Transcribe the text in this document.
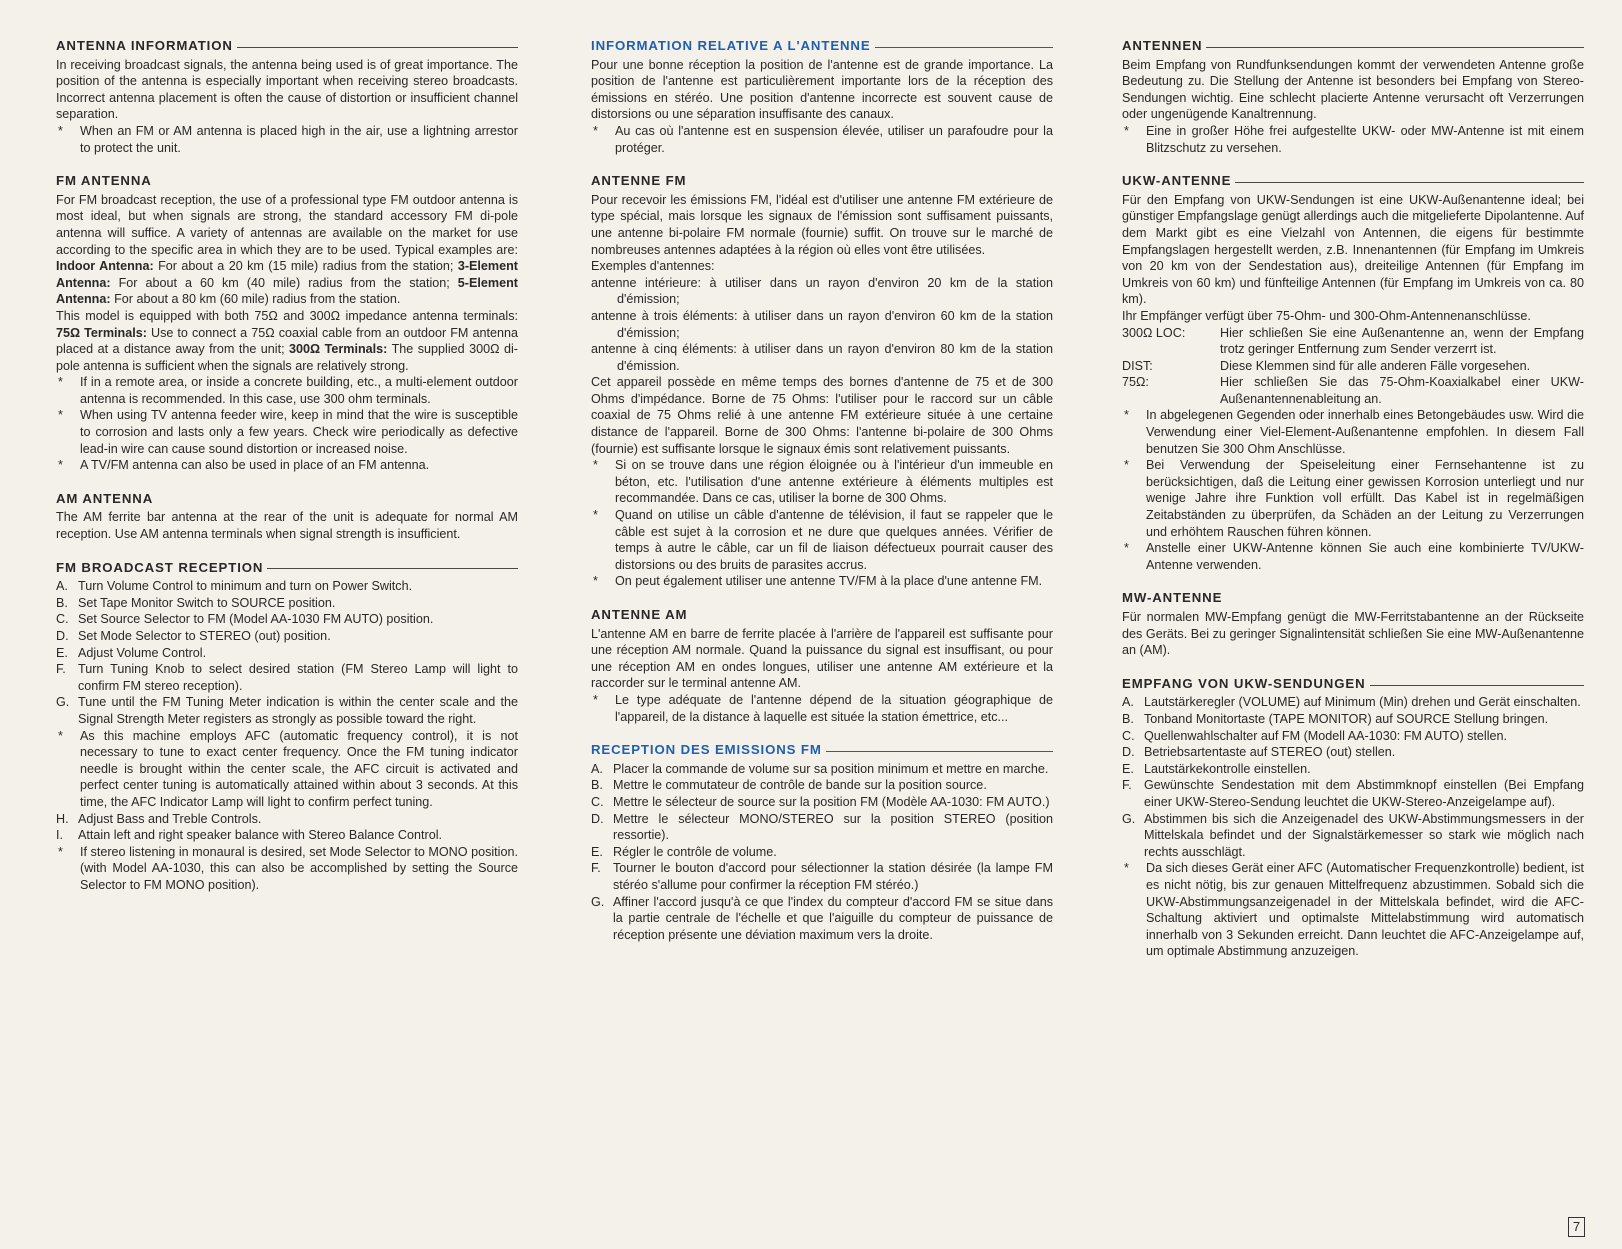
ANTENNA INFORMATION

In receiving broadcast signals, the antenna being used is of great importance. The position of the antenna is especially important when receiving stereo broadcasts. Incorrect antenna placement is often the cause of distortion or insufficient channel separation.

* When an FM or AM antenna is placed high in the air, use a lightning arrestor to protect the unit.
FM ANTENNA

For FM broadcast reception, the use of a professional type FM outdoor antenna is most ideal, but when signals are strong, the standard accessory FM di-pole antenna will suffice. A variety of antennas are available on the market for use according to the specific area in which they are to be used. Typical examples are: Indoor Antenna: For about a 20 km (15 mile) radius from the station; 3-Element Antenna: For about a 60 km (40 mile) radius from the station; 5-Element Antenna: For about a 80 km (60 mile) radius from the station.

This model is equipped with both 75Ω and 300Ω impedance antenna terminals: 75Ω Terminals: Use to connect a 75Ω coaxial cable from an outdoor FM antenna placed at a distance away from the unit; 300Ω Terminals: The supplied 300Ω di-pole antenna is sufficient when the signals are relatively strong.

* If in a remote area, or inside a concrete building, etc., a multi-element outdoor antenna is recommended. In this case, use 300 ohm terminals.
* When using TV antenna feeder wire, keep in mind that the wire is susceptible to corrosion and lasts only a few years. Check wire periodically as defective lead-in wire can cause sound distortion or increased noise.
* A TV/FM antenna can also be used in place of an FM antenna.
AM ANTENNA

The AM ferrite bar antenna at the rear of the unit is adequate for normal AM reception. Use AM antenna terminals when signal strength is insufficient.

FM BROADCAST RECEPTION
A. Turn Volume Control to minimum and turn on Power Switch.
B. Set Tape Monitor Switch to SOURCE position.
C. Set Source Selector to FM (Model AA-1030 FM AUTO) position.
D. Set Mode Selector to STEREO (out) position.
E. Adjust Volume Control.
F. Turn Tuning Knob to select desired station (FM Stereo Lamp will light to confirm FM stereo reception).
G. Tune until the FM Tuning Meter indication is within the center scale and the Signal Strength Meter registers as strongly as possible toward the right.
* As this machine employs AFC (automatic frequency control), it is not necessary to tune to exact center frequency. Once the FM tuning indicator needle is brought within the center scale, the AFC circuit is activated and perfect center tuning is automatically attained within about 3 seconds. At this time, the AFC Indicator Lamp will light to confirm perfect tuning.
H. Adjust Bass and Treble Controls.
I.	Attain left and right speaker balance with Stereo Balance Control.
* If stereo listening in monaural is desired, set Mode Selector to MONO position. (with Model AA-1030, this can also be accomplished by setting the Source Selector to FM MONO position).
INFORMATION RELATIVE A L'ANTENNE

Pour une bonne réception la position de l'antenne est de grande importance. La position de l'antenne est particulièrement importante lors de la réception des émissions en stéréo. Une position d'antenne incorrecte est souvent cause de distorsions ou une séparation insuffisante des canaux.

* Au cas où l'antenne est en suspension élevée, utiliser un parafoudre pour la protéger.
ANTENNE FM

Pour recevoir les émissions FM, l'idéal est d'utiliser une antenne FM extérieure de type spécial, mais lorsque les signaux de l'émission sont suffisament puissants, une antenne bi-polaire FM normale (fournie) suffit. On trouve sur le marché de nombreuses antennes adaptées à la région où elles vont être utilisées.

Exemples d'antennes:

antenne intérieure: à utiliser dans un rayon d'environ 20 km de la station d'émission;
antenne à trois éléments: à utiliser dans un rayon d'environ 60 km de la station d'émission;
antenne à cinq éléments: à utiliser dans un rayon d'environ 80 km de la station d'émission.

Cet appareil possède en même temps des bornes d'antenne de 75 et de 300 Ohms d'impédance. Borne de 75 Ohms: l'utiliser pour le raccord sur un câble coaxial de 75 Ohms relié à une antenne FM extérieure située à une certaine distance de l'appareil. Borne de 300 Ohms: l'antenne bi-polaire de 300 Ohms (fournie) est suffisante lorsque le signaux émis sont relativement puissants.

* Si on se trouve dans une région éloignée ou à l'intérieur d'un immeuble en béton, etc. l'utilisation d'une antenne extérieure à éléments multiples est recommandée. Dans ce cas, utiliser la borne de 300 Ohms.
* Quand on utilise un câble d'antenne de télévision, il faut se rappeler que le câble est sujet à la corrosion et ne dure que quelques années. Vérifier de temps à autre le câble, car un fil de liaison défectueux pourrait causer des distorsions ou des bruits de parasites accrus.
* On peut également utiliser une antenne TV/FM à la place d'une antenne FM.
ANTENNE AM

L'antenne AM en barre de ferrite placée à l'arrière de l'appareil est suffisante pour une réception AM normale. Quand la puissance du signal est insuffisant, ou pour une réception AM en ondes longues, utiliser une antenne AM extérieure et la raccorder sur le terminal antenne AM.

* Le type adéquate de l'antenne dépend de la situation géographique de l'appareil, de la distance à laquelle est située la station émettrice, etc...
RECEPTION DES EMISSIONS FM
A. Placer la commande de volume sur sa position minimum et mettre en marche.
B. Mettre le commutateur de contrôle de bande sur la position source.
C. Mettre le sélecteur de source sur la position FM (Modèle AA-1030: FM AUTO.)
D. Mettre le sélecteur MONO/STEREO sur la position STEREO (position ressortie).
E. Régler le contrôle de volume.
F. Tourner le bouton d'accord pour sélectionner la station désirée (la lampe FM stéréo s'allume pour confirmer la réception FM stéréo.)
G. Affiner l'accord jusqu'à ce que l'index du compteur d'accord FM se situe dans la partie centrale de l'échelle et que l'aiguille du compteur de puissance de réception présente une déviation maximum vers la droite.
ANTENNEN

Beim Empfang von Rundfunksendungen kommt der verwendeten Antenne große Bedeutung zu. Die Stellung der Antenne ist besonders bei Empfang von Stereo-Sendungen wichtig. Eine schlecht placierte Antenne verursacht oft Verzerrungen oder ungenügende Kanaltrennung.

* Eine in großer Höhe frei aufgestellte UKW- oder MW-Antenne ist mit einem Blitzschutz zu versehen.
UKW-ANTENNE

Für den Empfang von UKW-Sendungen ist eine UKW-Außenantenne ideal; bei günstiger Empfangslage genügt allerdings auch die mitgelieferte Dipolantenne. Auf dem Markt gibt es eine Vielzahl von Antennen, die eigens für bestimmte Empfangslagen hergestellt werden, z.B. Innenantennen (für Empfang im Umkreis von 20 km von der Sendestation aus), dreiteilige Antennen (für Empfang im Umkreis von 60 km) und fünfteilige Antennen (für Empfang im Umkreis von ca. 80 km).

Ihr Empfänger verfügt über 75-Ohm- und 300-Ohm-Antennenanschlüsse.

300Ω LOC:	Hier schließen Sie eine Außenantenne an, wenn der Empfang trotz geringer Entfernung zum Sender verzerrt ist.
DIST:	Diese Klemmen sind für alle anderen Fälle vorgesehen.
75Ω:	Hier schließen Sie das 75-Ohm-Koaxialkabel einer UKW-Außenantennenableitung an.
* In abgelegenen Gegenden oder innerhalb eines Betongebäudes usw. Wird die Verwendung einer Viel-Element-Außenantenne empfohlen. In diesem Fall benutzen Sie 300 Ohm Anschlüsse.
* Bei Verwendung der Speiseleitung einer Fernsehantenne ist zu berücksichtigen, daß die Leitung einer gewissen Korrosion unterliegt und nur wenige Jahre ihre Funktion voll erfüllt. Das Kabel ist in regelmäßigen Zeitabständen zu überprüfen, da Schäden an der Leitung zu Verzerrungen und erhöhtem Rauschen führen können.
* Anstelle einer UKW-Antenne können Sie auch eine kombinierte TV/UKW-Antenne verwenden.
MW-ANTENNE

Für normalen MW-Empfang genügt die MW-Ferritstabantenne an der Rückseite des Geräts. Bei zu geringer Signalintensität schließen Sie eine MW-Außenantenne an (AM).

EMPFANG VON UKW-SENDUNGEN
A. Lautstärkeregler (VOLUME) auf Minimum (Min) drehen und Gerät einschalten.
B. Tonband Monitortaste (TAPE MONITOR) auf SOURCE Stellung bringen.
C. Quellenwahlschalter auf FM (Modell AA-1030: FM AUTO) stellen.
D. Betriebsartentaste auf STEREO (out) stellen.
E. Lautstärkekontrolle einstellen.
F. Gewünschte Sendestation mit dem Abstimmknopf einstellen (Bei Empfang einer UKW-Stereo-Sendung leuchtet die UKW-Stereo-Anzeigelampe auf).
G. Abstimmen bis sich die Anzeigenadel des UKW-Abstimmungsmessers in der Mittelskala befindet und der Signalstärkemesser so stark wie möglich nach rechts ausschlägt.
* Da sich dieses Gerät einer AFC (Automatischer Frequenzkontrolle) bedient, ist es nicht nötig, bis zur genauen Mittelfrequenz abzustimmen. Sobald sich die UKW-Abstimmungsanzeigenadel in der Mittelskala befindet, wird die AFC-Schaltung aktiviert und optimalste Mittelabstimmung wird automatisch innerhalb von 3 Sekunden erreicht. Dann leuchtet die AFC-Anzeigelampe auf, um optimale Abstimmung anzuzeigen.
7
